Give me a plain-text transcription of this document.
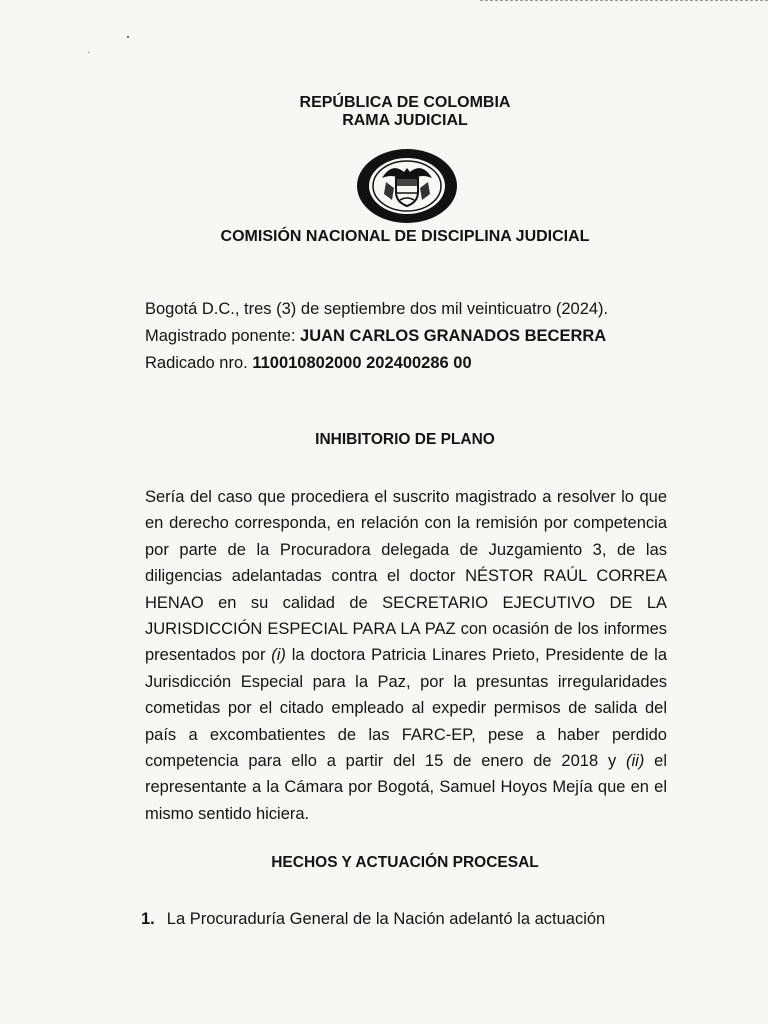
REPÚBLICA DE COLOMBIA
RAMA JUDICIAL
COMISIÓN NACIONAL DE DISCIPLINA JUDICIAL
Bogotá D.C., tres (3) de septiembre dos mil veinticuatro (2024).
Magistrado ponente: JUAN CARLOS GRANADOS BECERRA
Radicado nro. 110010802000 202400286 00
INHIBITORIO DE PLANO

Sería del caso que procediera el suscrito magistrado a resolver lo que en derecho corresponda, en relación con la remisión por competencia por parte de la Procuradora delegada de Juzgamiento 3, de las diligencias adelantadas contra el doctor NÉSTOR RAÚL CORREA HENAO en su calidad de SECRETARIO EJECUTIVO DE LA JURISDICCIÓN ESPECIAL PARA LA PAZ con ocasión de los informes presentados por (i) la doctora Patricia Linares Prieto, Presidente de la Jurisdicción Especial para la Paz, por la presuntas irregularidades cometidas por el citado empleado al expedir permisos de salida del país a excombatientes de las FARC-EP, pese a haber perdido competencia para ello a partir del 15 de enero de 2018 y (ii) el representante a la Cámara por Bogotá, Samuel Hoyos Mejía que en el mismo sentido hiciera.

HECHOS Y ACTUACIÓN PROCESAL
1. La Procuraduría General de la Nación adelantó la actuación
